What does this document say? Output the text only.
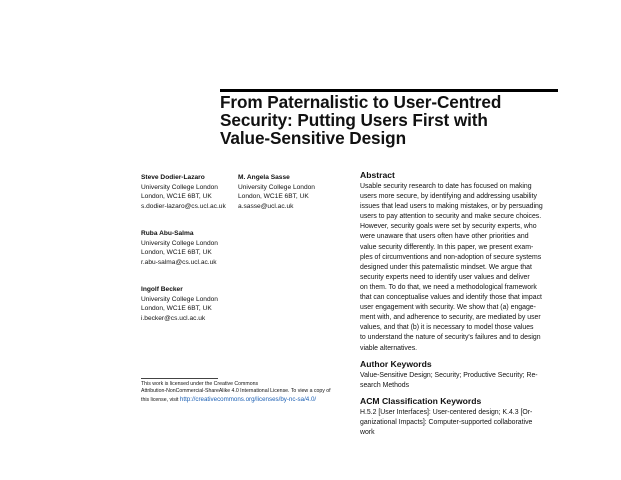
From Paternalistic to User-Centred
Security: Putting Users First with
Value-Sensitive Design
Steve Dodier-Lazaro
University College London
London, WC1E 6BT, UK
s.dodier-lazaro@cs.ucl.ac.uk
M. Angela Sasse
University College London
London, WC1E 6BT, UK
a.sasse@ucl.ac.uk
Ruba Abu-Salma
University College London
London, WC1E 6BT, UK
r.abu-salma@cs.ucl.ac.uk
Ingolf Becker
University College London
London, WC1E 6BT, UK
i.becker@cs.ucl.ac.uk
Abstract

Usable security research to date has focused on making
users more secure, by identifying and addressing usability
issues that lead users to making mistakes, or by persuading
users to pay attention to security and make secure choices.
However, security goals were set by security experts, who
were unaware that users often have other priorities and
value security differently. In this paper, we present exam-
ples of circumventions and non-adoption of secure systems
designed under this paternalistic mindset. We argue that
security experts need to identify user values and deliver
on them. To do that, we need a methodological framework
that can conceptualise values and identify those that impact
user engagement with security. We show that (a) engage-
ment with, and adherence to security, are mediated by user
values, and that (b) it is necessary to model those values
to understand the nature of security's failures and to design
viable alternatives.

Author Keywords

Value-Sensitive Design; Security; Productive Security; Re-
search Methods

ACM Classification Keywords

H.5.2 [User Interfaces]: User-centered design; K.4.3 [Or-
ganizational Impacts]: Computer-supported collaborative
work

This work is licensed under the Creative Commons
Attribution-NonCommercial-ShareAlike 4.0 International License. To view a copy of
this license, visit http://creativecommons.org/licenses/by-nc-sa/4.0/
